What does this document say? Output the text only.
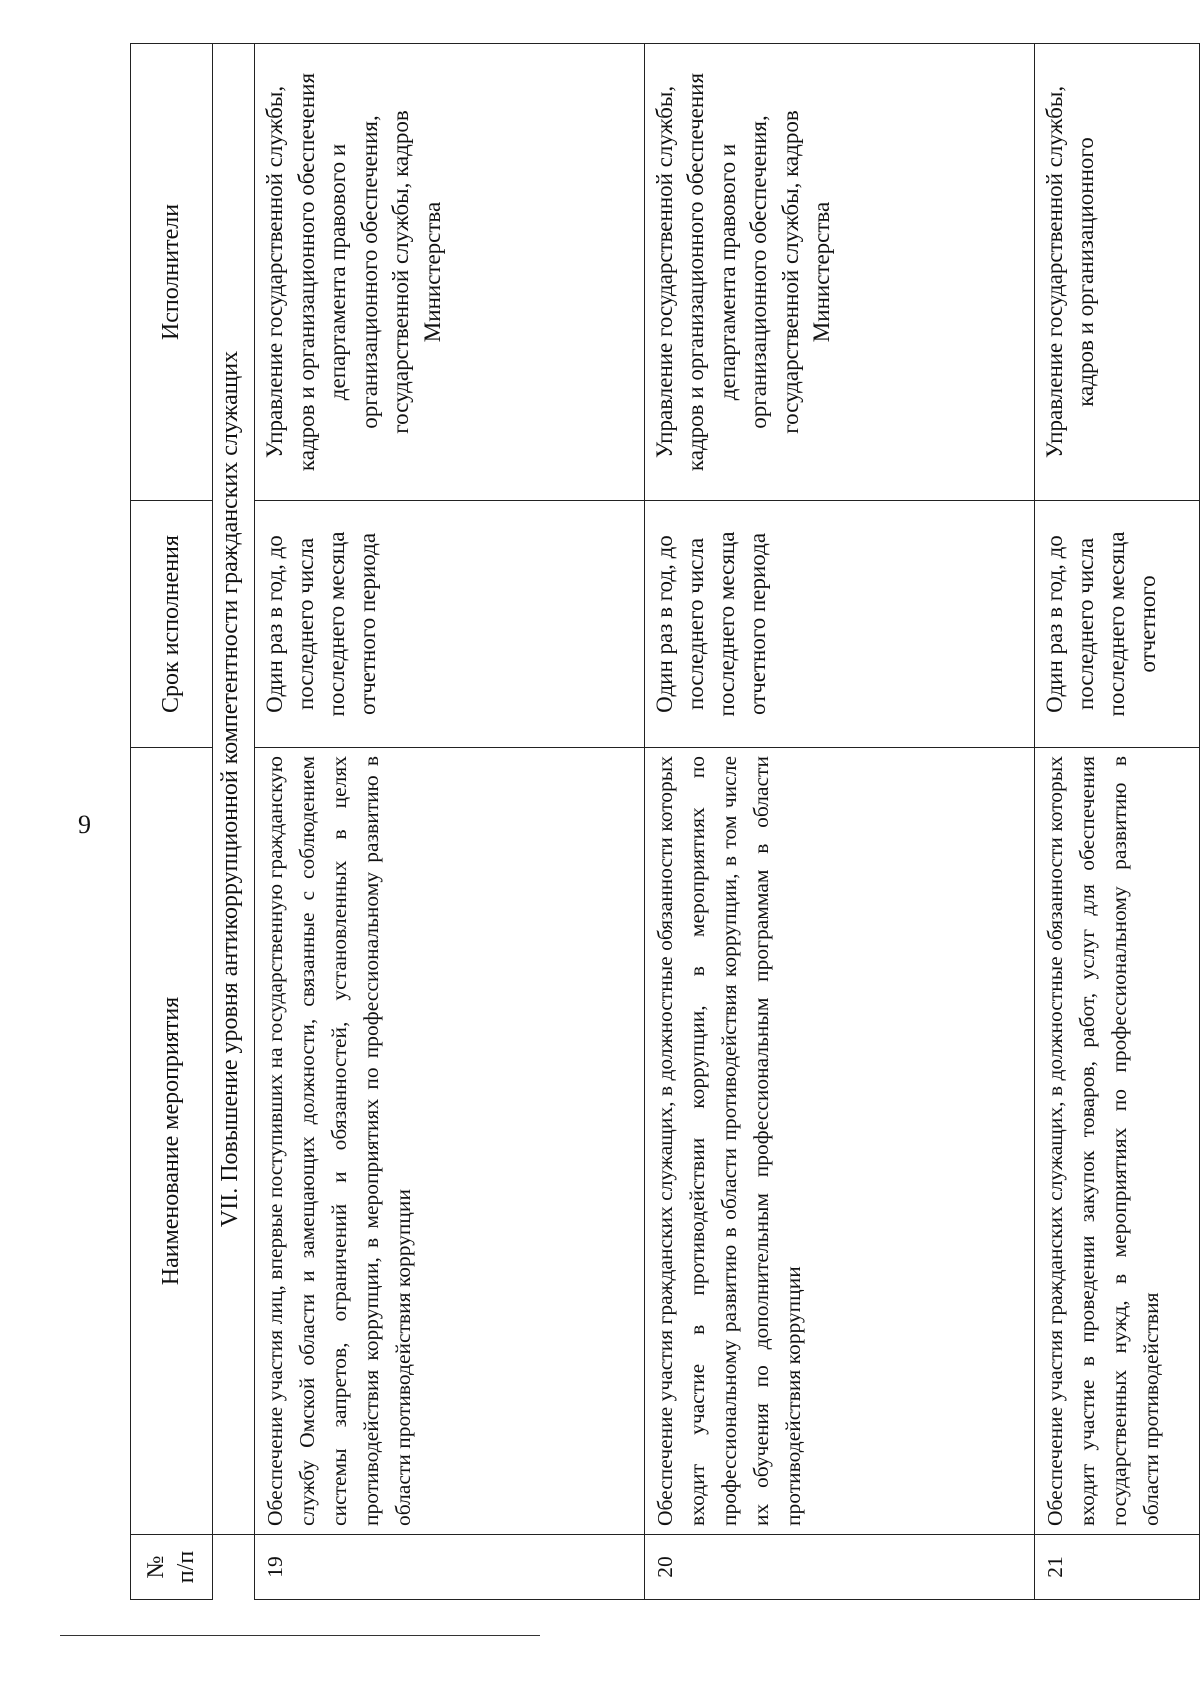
9
№ п/п	Наименование мероприятия	Срок исполнения	Исполнители
	VII. Повышение уровня антикоррупционной компетентности гражданских служащих		
19	Обеспечение участия лиц, впервые поступивших на государственную гражданскую службу Омской области и замещающих должности, связанные с соблюдением системы запретов, ограничений и обязанностей, установленных в целях противодействия коррупции, в мероприятиях по профессиональному развитию в области противодействия коррупции	Один раз в год, до последнего числа последнего месяца отчетного периода	Управление государственной службы, кадров и организационного обеспечения департамента правового и организационного обеспечения, государственной службы, кадров Министерства
20	Обеспечение участия гражданских служащих, в должностные обязанности которых входит участие в противодействии коррупции, в мероприятиях по профессиональному развитию в области противодействия коррупции, в том числе их обучения по дополнительным профессиональным программам в области противодействия коррупции	Один раз в год, до последнего числа последнего месяца отчетного периода	Управление государственной службы, кадров и организационного обеспечения департамента правового и организационного обеспечения, государственной службы, кадров Министерства
21	Обеспечение участия гражданских служащих, в должностные обязанности которых входит участие в проведении закупок товаров, работ, услуг для обеспечения государственных нужд, в мероприятиях по профессиональному развитию в области противодействия	Один раз в год, до последнего числа последнего месяца отчетного	Управление государственной службы, кадров и организационного
